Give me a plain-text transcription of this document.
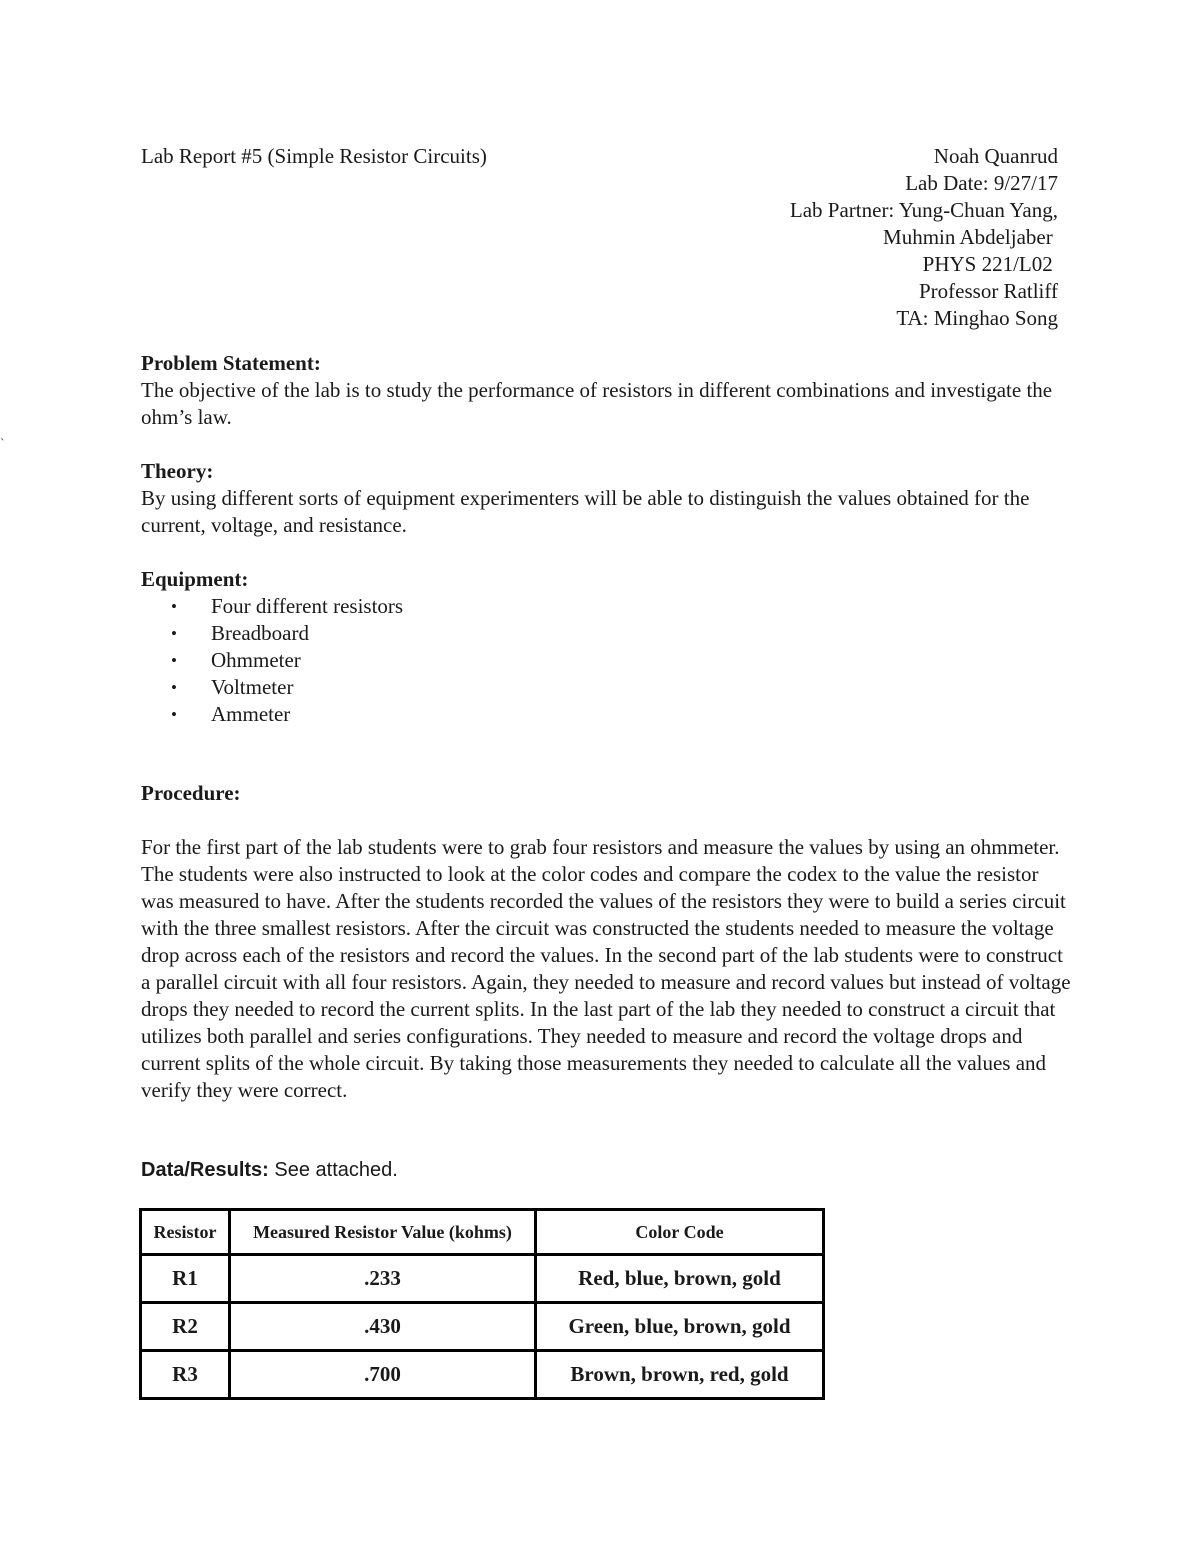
Lab Report #5 (Simple Resistor Circuits)	Noah Quanrud
Lab Date: 9/27/17
Lab Partner: Yung-Chuan Yang,
Muhmin Abdeljaber
PHYS 221/L02
Professor Ratliff
TA: Minghao Song
`
Problem Statement:

The objective of the lab is to study the performance of resistors in different combinations and investigate the ohm’s law.

Theory:

By using different sorts of equipment experimenters will be able to distinguish the values obtained for the current, voltage, and resistance.

Equipment:
• Four different resistors
• Breadboard
• Ohmmeter
• Voltmeter
• Ammeter
Procedure:

For the first part of the lab students were to grab four resistors and measure the values by using an ohmmeter. The students were also instructed to look at the color codes and compare the codex to the value the resistor was measured to have. After the students recorded the values of the resistors they were to build a series circuit with the three smallest resistors. After the circuit was constructed the students needed to measure the voltage drop across each of the resistors and record the values. In the second part of the lab students were to construct a parallel circuit with all four resistors. Again, they needed to measure and record values but instead of voltage drops they needed to record the current splits. In the last part of the lab they needed to construct a circuit that utilizes both parallel and series configurations. They needed to measure and record the voltage drops and current splits of the whole circuit. By taking those measurements they needed to calculate all the values and verify they were correct.

Data/Results: See attached.
Resistor	Measured Resistor Value (kohms)	Color Code
R1	.233	Red, blue, brown, gold
R2	.430	Green, blue, brown, gold
R3	.700	Brown, brown, red, gold
